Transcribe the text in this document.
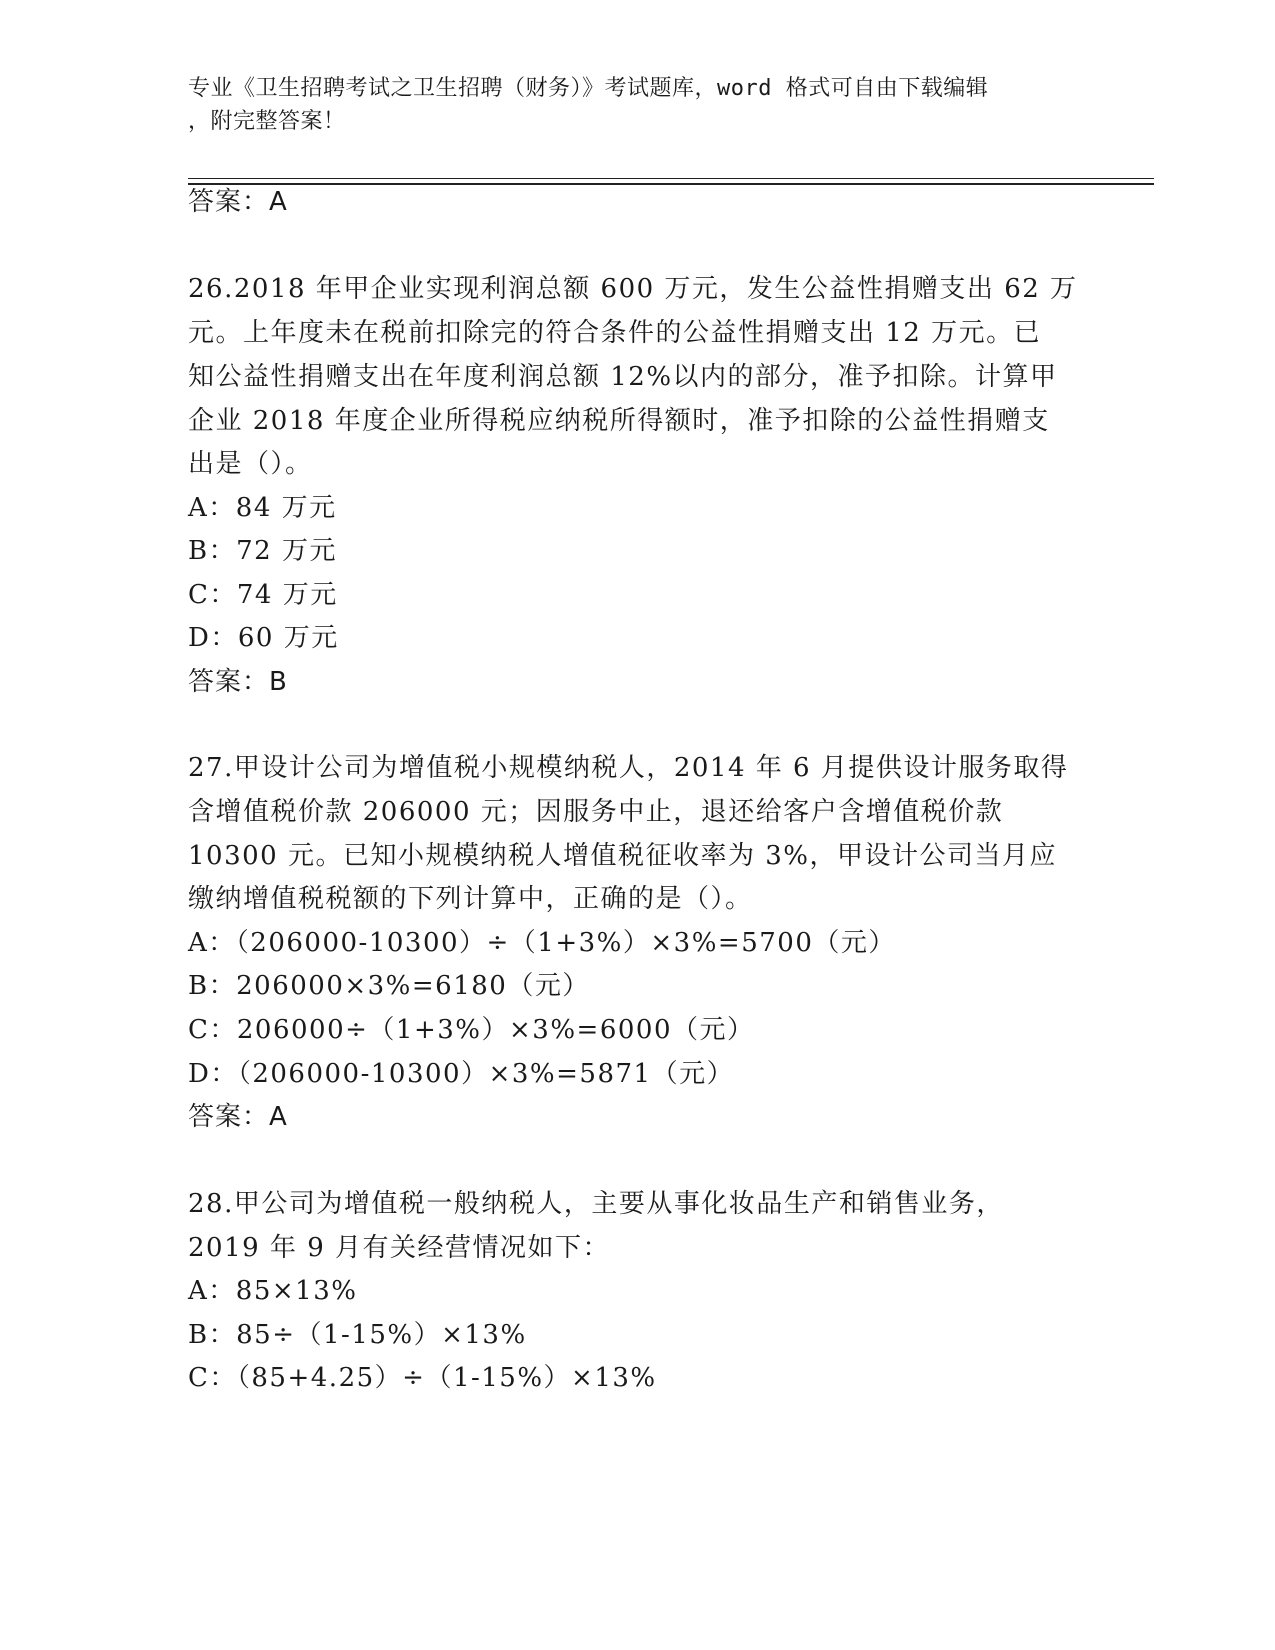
专业《卫生招聘考试之卫生招聘（财务）》考试题库，word 格式可自由下载编辑
，附完整答案！
答案：A
26.2018 年甲企业实现利润总额 600 万元，发生公益性捐赠支出 62 万
元。上年度未在税前扣除完的符合条件的公益性捐赠支出 12 万元。已
知公益性捐赠支出在年度利润总额 12%以内的部分，准予扣除。计算甲
企业 2018 年度企业所得税应纳税所得额时，准予扣除的公益性捐赠支
出是（）。
A：84 万元
B：72 万元
C：74 万元
D：60 万元
答案：B
27.甲设计公司为增值税小规模纳税人，2014 年 6 月提供设计服务取得
含增值税价款 206000 元；因服务中止，退还给客户含增值税价款
10300 元。已知小规模纳税人增值税征收率为 3%，甲设计公司当月应
缴纳增值税税额的下列计算中，正确的是（）。
A：（206000-10300）÷（1+3%）×3%=5700（元）
B：206000×3%=6180（元）
C：206000÷（1+3%）×3%=6000（元）
D：（206000-10300）×3%=5871（元）
答案：A
28.甲公司为增值税一般纳税人，主要从事化妆品生产和销售业务，
2019 年 9 月有关经营情况如下：
A：85×13%
B：85÷（1-15%）×13%
C：（85+4.25）÷（1-15%）×13%
